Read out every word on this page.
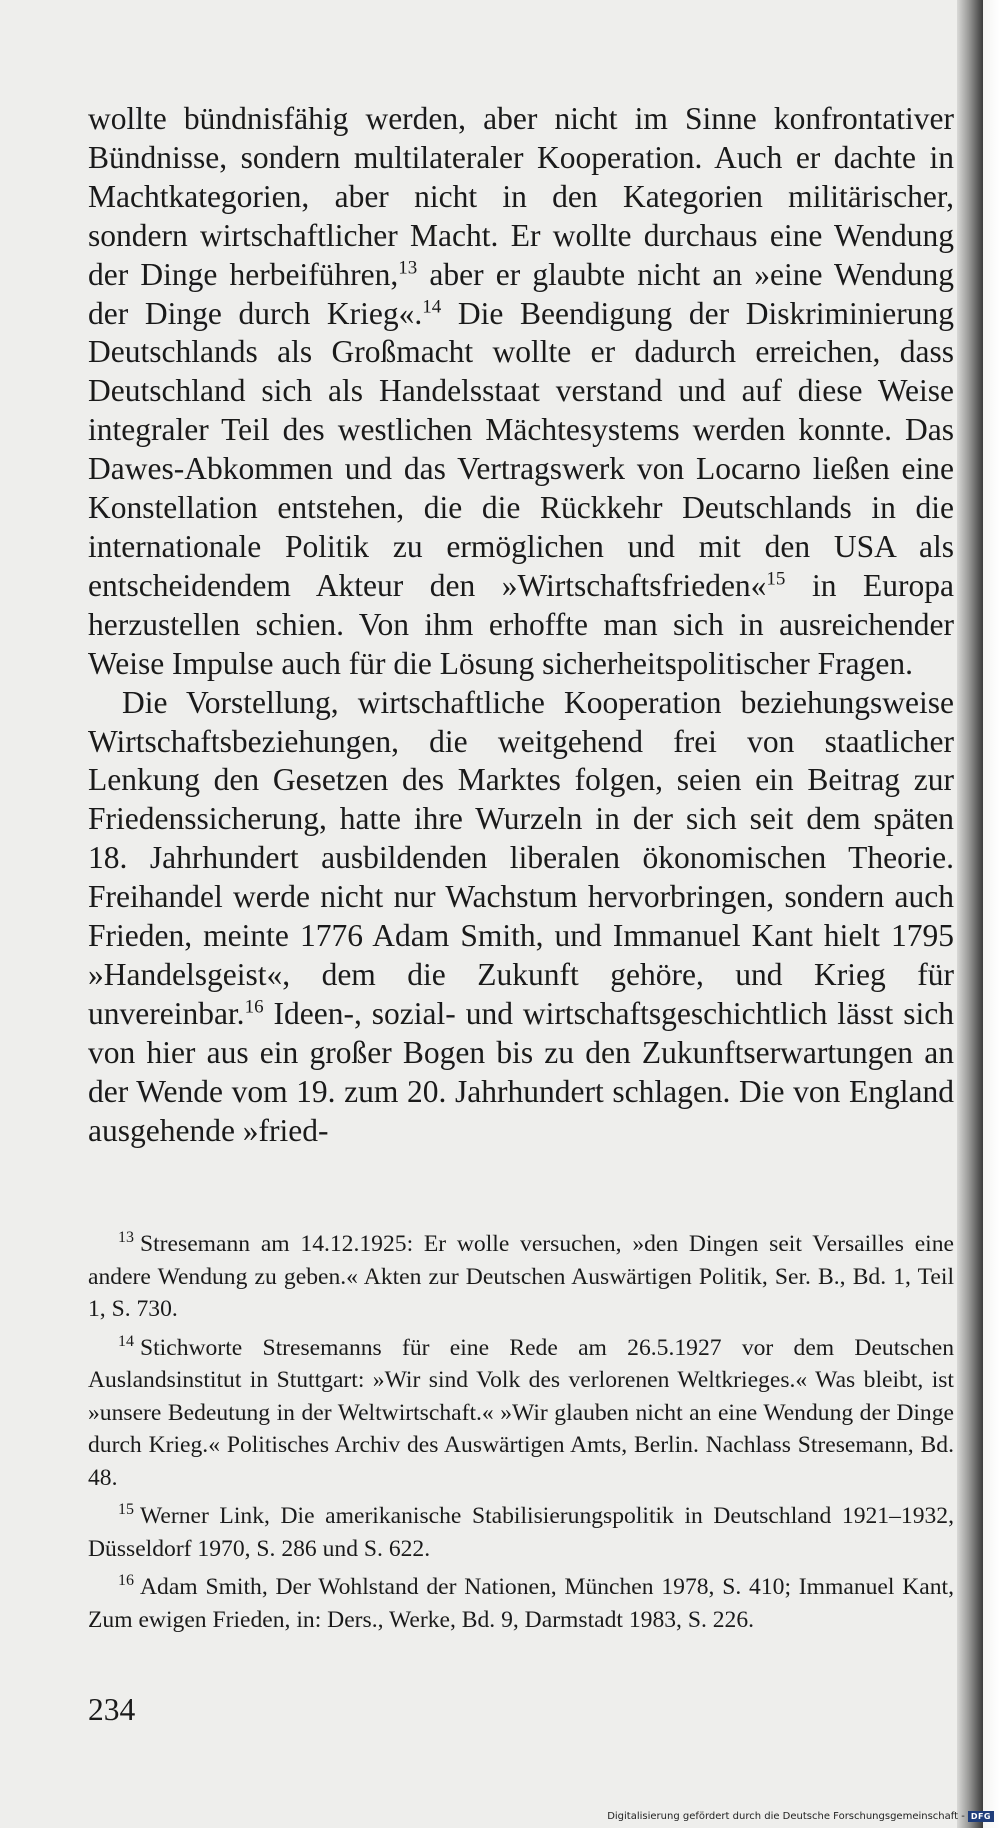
wollte bündnisfähig werden, aber nicht im Sinne konfrontativer Bündnisse, sondern multilateraler Kooperation. Auch er dachte in Machtkategorien, aber nicht in den Kategorien militärischer, sondern wirtschaftlicher Macht. Er wollte durchaus eine Wendung der Dinge herbeiführen,$^{13}$ aber er glaubte nicht an »eine Wendung der Dinge durch Krieg«.$^{14}$ Die Beendigung der Diskriminierung Deutschlands als Großmacht wollte er dadurch erreichen, dass Deutschland sich als Handelsstaat verstand und auf diese Weise integraler Teil des westlichen Mächtesystems werden konnte. Das Dawes-Abkommen und das Vertragswerk von Locarno ließen eine Konstellation entstehen, die die Rückkehr Deutschlands in die internationale Politik zu ermöglichen und mit den USA als entscheidendem Akteur den »Wirtschaftsfrieden«$^{15}$ in Europa herzustellen schien. Von ihm erhoffte man sich in ausreichender Weise Impulse auch für die Lösung sicherheitspolitischer Fragen.

Die Vorstellung, wirtschaftliche Kooperation beziehungsweise Wirtschaftsbeziehungen, die weitgehend frei von staatlicher Lenkung den Gesetzen des Marktes folgen, seien ein Beitrag zur Friedenssicherung, hatte ihre Wurzeln in der sich seit dem späten 18. Jahrhundert ausbildenden liberalen ökonomischen Theorie. Freihandel werde nicht nur Wachstum hervorbringen, sondern auch Frieden, meinte 1776 Adam Smith, und Immanuel Kant hielt 1795 »Handelsgeist«, dem die Zukunft gehöre, und Krieg für unvereinbar.$^{16}$ Ideen-, sozial- und wirtschaftsgeschichtlich lässt sich von hier aus ein großer Bogen bis zu den Zukunftserwartungen an der Wende vom 19. zum 20. Jahrhundert schlagen. Die von England ausgehende »fried-

$^{13}$ Stresemann am 14.12.1925: Er wolle versuchen, »den Dingen seit Versailles eine andere Wendung zu geben.« Akten zur Deutschen Auswärtigen Politik, Ser. B., Bd. 1, Teil 1, S. 730.

$^{14}$ Stichworte Stresemanns für eine Rede am 26.5.1927 vor dem Deutschen Auslandsinstitut in Stuttgart: »Wir sind Volk des verlorenen Weltkrieges.« Was bleibt, ist »unsere Bedeutung in der Weltwirtschaft.« »Wir glauben nicht an eine Wendung der Dinge durch Krieg.« Politisches Archiv des Auswärtigen Amts, Berlin. Nachlass Stresemann, Bd. 48.

$^{15}$ Werner Link, Die amerikanische Stabilisierungspolitik in Deutschland 1921–1932, Düsseldorf 1970, S. 286 und S. 622.

$^{16}$ Adam Smith, Der Wohlstand der Nationen, München 1978, S. 410; Immanuel Kant, Zum ewigen Frieden, in: Ders., Werke, Bd. 9, Darmstadt 1983, S. 226.

234
Digitalisierung gefördert durch die Deutsche Forschungsgemeinschaft - DFG
